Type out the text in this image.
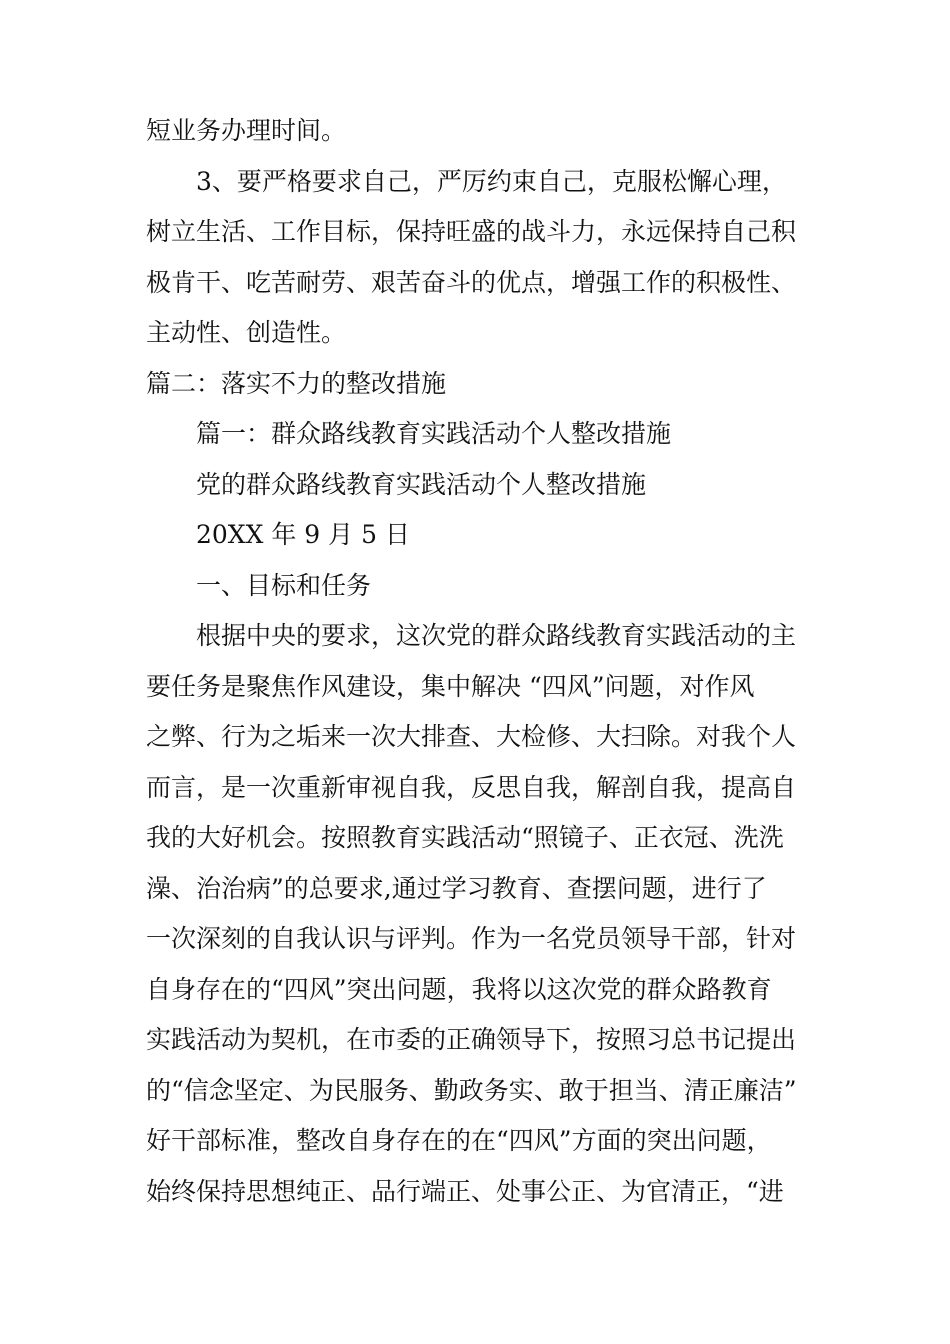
短业务办理时间。
3、要严格要求自己，严厉约束自己，克服松懈心理，
树立生活、工作目标，保持旺盛的战斗力，永远保持自己积
极肯干、吃苦耐劳、艰苦奋斗的优点，增强工作的积极性、
主动性、创造性。
篇二：落实不力的整改措施
篇一：群众路线教育实践活动个人整改措施
党的群众路线教育实践活动个人整改措施
20XX 年 9 月 5 日
一、目标和任务
根据中央的要求，这次党的群众路线教育实践活动的主
要任务是聚焦作风建设，集中解决 “四风”问题，对作风
之弊、行为之垢来一次大排查、大检修、大扫除。对我个人
而言，是一次重新审视自我，反思自我，解剖自我，提高自
我的大好机会。按照教育实践活动“照镜子、正衣冠、洗洗
澡、治治病”的总要求,通过学习教育、查摆问题，进行了
一次深刻的自我认识与评判。作为一名党员领导干部，针对
自身存在的“四风”突出问题，我将以这次党的群众路教育
实践活动为契机，在市委的正确领导下，按照习总书记提出
的“信念坚定、为民服务、勤政务实、敢于担当、清正廉洁”
好干部标准，整改自身存在的在“四风”方面的突出问题，
始终保持思想纯正、品行端正、处事公正、为官清正，“进
